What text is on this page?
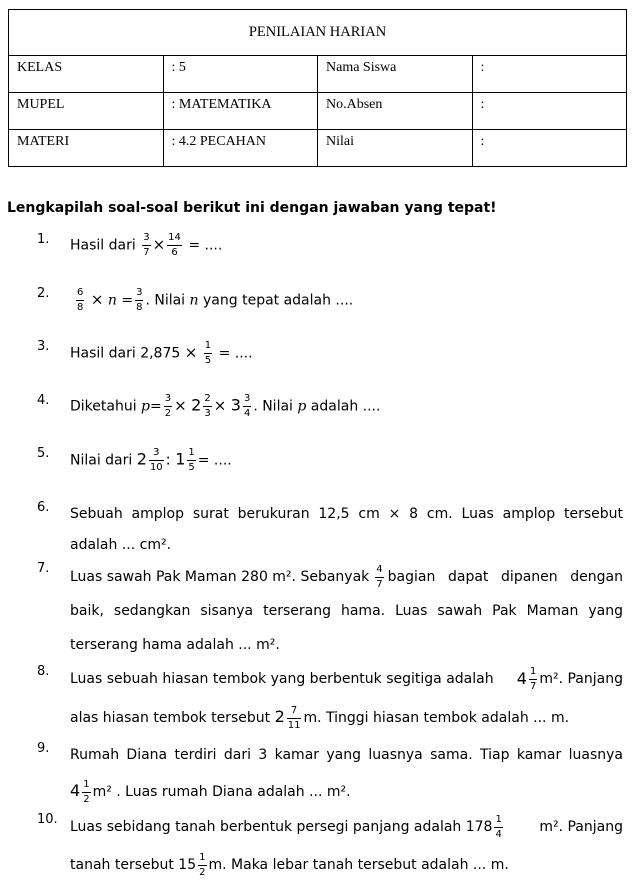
PENILAIAN HARIAN			
KELAS	: 5	Nama Siswa	:
MUPEL	: MATEMATIKA	No.Absen	:
MATERI	: 4.2 PECAHAN	Nilai	:
Lengkapilah soal-soal berikut ini dengan jawaban yang tepat!
1. Hasil dari $\frac{3}{7} \times \frac{14}{6}$ = ....
2.	$\frac{6}{8} \times n = \frac{3}{8}$ . Nilai n yang tepat adalah ....
3. Hasil dari $2,875 \times \frac{1}{5}$ = ....
4. Diketahui $p= \frac{3}{2} \times 2 \frac{2}{3} \times 3 \frac{3}{4}$ . Nilai p adalah ....
5. Nilai dari $2 \frac{3}{10}$ : $1 \frac{1}{5}$ = ....
6. Sebuah amplop surat berukuran 12,5 cm × 8 cm. Luas amplop tersebut
adalah ... cm².
7.
Luas sawah Pak Maman 280 m². Sebanyak $\frac{4}{7}$ bagian dapat dipanen dengan
baik, sedangkan sisanya terserang hama. Luas sawah Pak Maman yang
terserang hama adalah ... m².
8. Luas sebuah hiasan tembok yang berbentuk segitiga adalah $4 \frac{1}{7} m^2$. Panjang
alas hiasan tembok tersebut $2 \frac{7}{11} m$. Tinggi hiasan tembok adalah ... m.
9. Rumah Diana terdiri dari 3 kamar yang luasnya sama. Tiap kamar luasnya
$4 \frac{1}{2} m^2$ . Luas rumah Diana adalah ... m².
10. Luas sebidang tanah berbentuk persegi panjang adalah $178 \frac{1}{4}$	m². Panjang
tanah tersebut $15 \frac{1}{2} m$. Maka lebar tanah tersebut adalah ... m.
